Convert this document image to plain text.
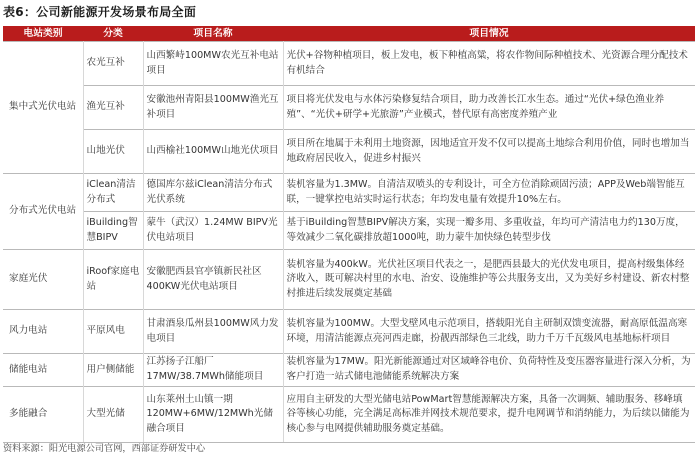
表6：公司新能源开发场景布局全面
电站类别	分类	项目名称	项目情况
集中式光伏电站	农光互补	山西繁峙100MW农光互补电站项目	光伏+谷物种植项目，板上发电，板下种植高粱，将农作物间际种植技术、光资源合理分配技术有机结合
	渔光互补	安徽池州青阳县100MW渔光互补项目	项目将光伏发电与水体污染修复结合项目，助力改善长江水生态。通过“光伏+绿色渔业养殖”、“光伏+研学+光旅游”产业模式，替代原有高密度养殖产业
	山地光伏	山西榆社100MW山地光伏项目	项目所在地属于未利用土地资源，因地适宜开发不仅可以提高土地综合利用价值，同时也增加当地政府居民收入，促进乡村振兴
分布式光伏电站	iClean清洁分布式	德国库尔兹iClean清洁分布式光伏系统	装机容量为1.3MW。自清洁双喷头的专利设计，可全方位消除顽固污渍；APP及Web端智能互联，一键掌控电站实时运行状态；年均发电量有效提升10%左右。
	iBuilding智慧BIPV	蒙牛（武汉）1.24MW BIPV光伏电站项目	基于iBuilding智慧BIPV解决方案，实现一瓣多用、多重收益，年均可产清洁电力约130万度，等效减少二氧化碳排放超1000吨，助力蒙牛加快绿色转型步伐
家庭光伏	iRoof家庭电站	安徽肥西县官亭镇新民社区400KW光伏电站项目	装机容量为400kW。光伏社区项目代表之一，是肥西县最大的光伏发电项目，提高村级集体经济收入，既可解决村里的水电、治安、设施维护等公共服务支出，又为美好乡村建设、新农村整村推进后续发展奠定基础
风力电站	平原风电	甘肃酒泉瓜州县100MW风力发电项目	装机容量为100MW。大型戈壁风电示范项目，搭载阳光自主研制双馈变流器，耐高原低温高寒环境，用清洁能源点亮河西走廊，扮靓西部绿色三北线，助力千万千瓦级风电基地标杆项目
储能电站	用户侧储能	江苏扬子江船厂17MW/38.7MWh储能项目	装机容量为17MW。阳光新能源通过对区域峰谷电价、负荷特性及变压器容量进行深入分析，为客户打造一站式储电池储能系统解决方案
多能融合	大型光储	山东莱州土山镇一期120MW+6MW/12MWh光储融合项目	应用自主研发的大型光储电站PowMart智慧能源解决方案，具备一次调频、辅助服务、移峰填谷等核心功能，完全满足高标准并网技术规范要求，提升电网调节和消纳能力，为后续以储能为核心参与电网提供辅助服务奠定基础。
资料来源：阳光电源公司官网，西部证券研发中心
